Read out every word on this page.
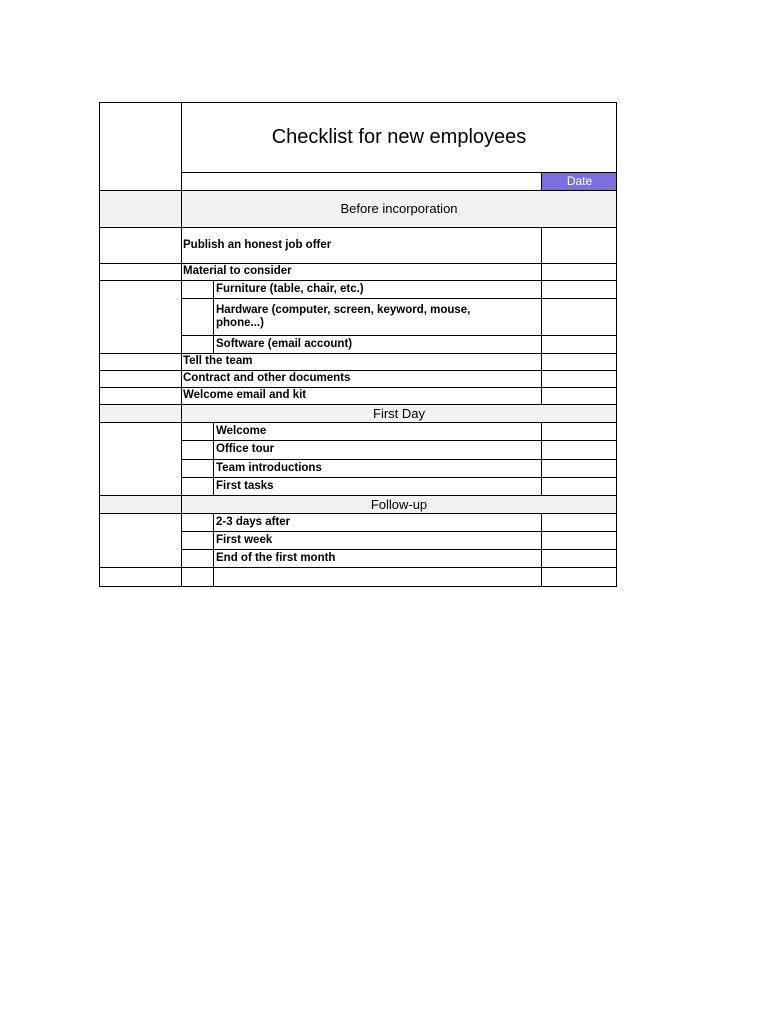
Checklist for new employees
Date
Before incorporation
First Day
Follow-up
Publish an honest job offer
Material to consider
Furniture (table, chair, etc.)
Hardware (computer, screen, keyword, mouse, phone...)
Software (email account)
Tell the team
Contract and other documents
Welcome email and kit
Welcome
Office tour
Team introductions
First tasks
2-3 days after
First week
End of the first month
